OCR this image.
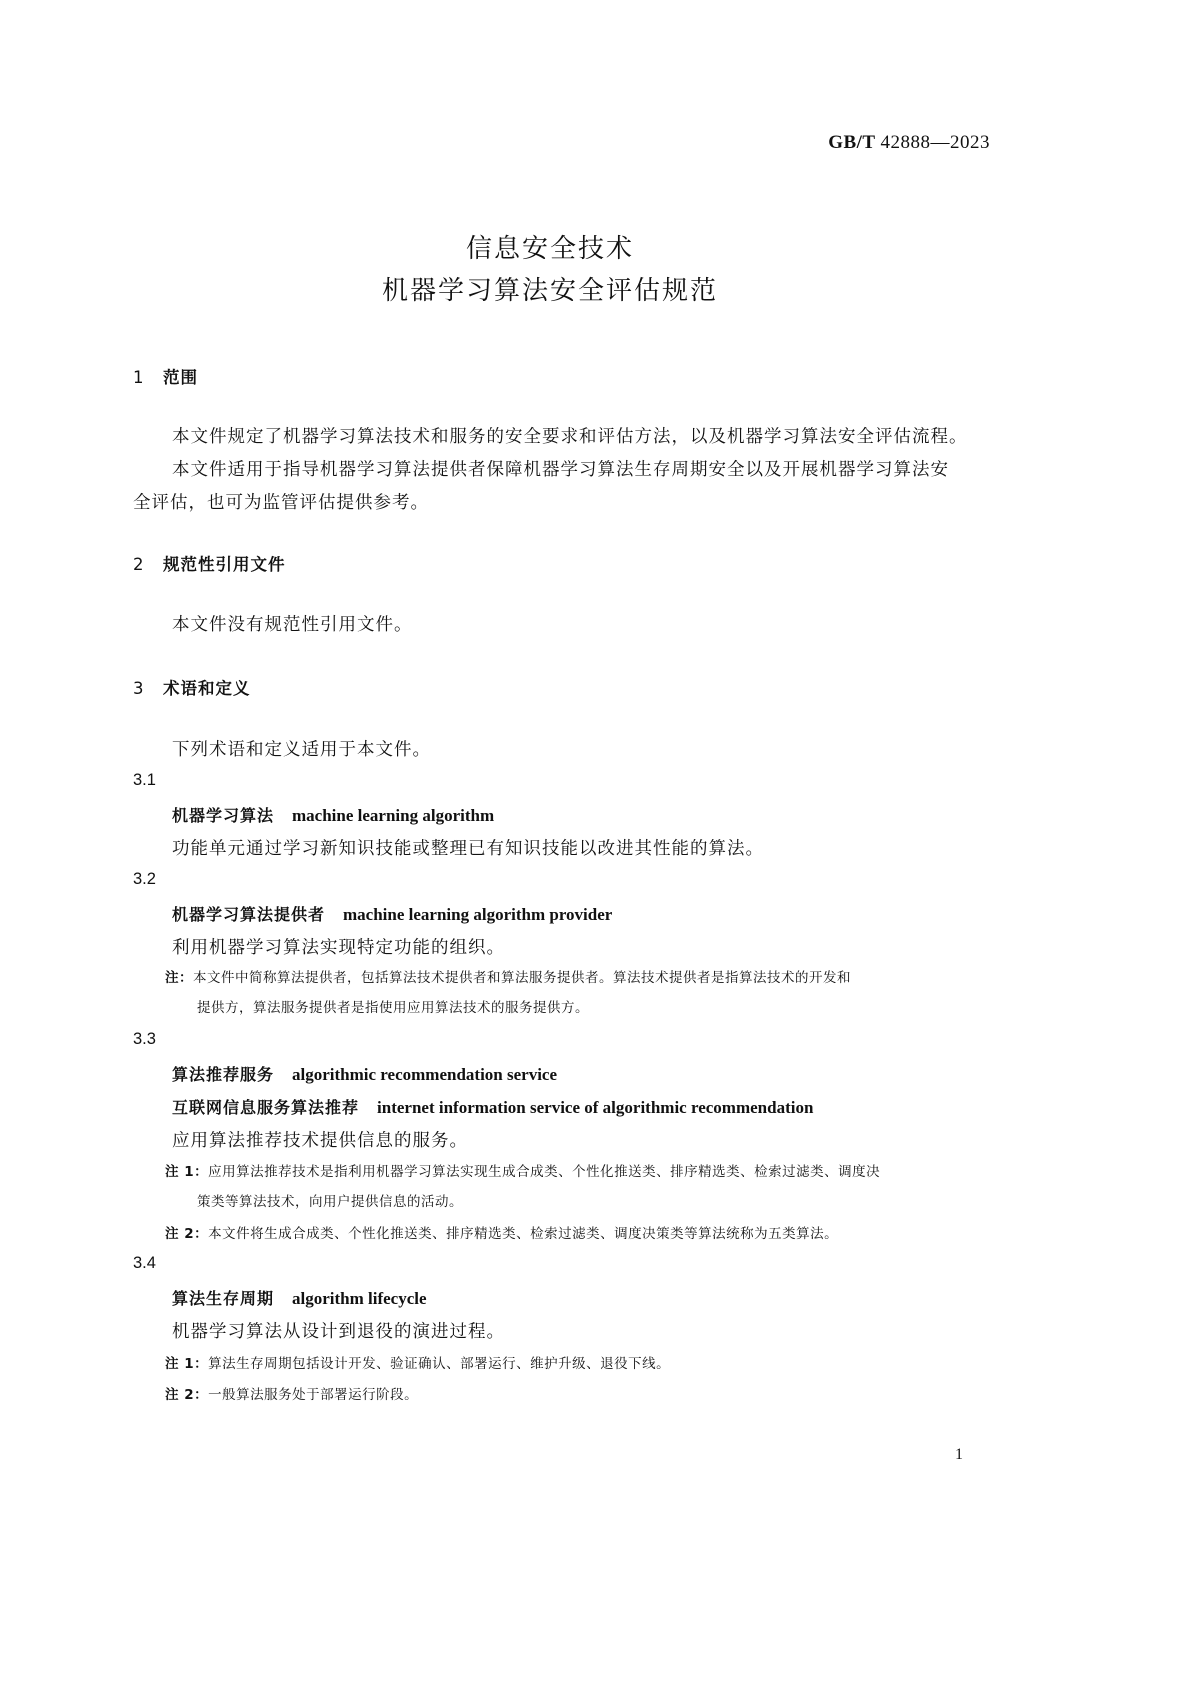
GB/T 42888—2023
信息安全技术
机器学习算法安全评估规范
1 范围
本文件规定了机器学习算法技术和服务的安全要求和评估方法，以及机器学习算法安全评估流程。
本文件适用于指导机器学习算法提供者保障机器学习算法生存周期安全以及开展机器学习算法安
全评估，也可为监管评估提供参考。
2 规范性引用文件
本文件没有规范性引用文件。
3 术语和定义
下列术语和定义适用于本文件。
3.1
机器学习算法 machine learning algorithm
功能单元通过学习新知识技能或整理已有知识技能以改进其性能的算法。
3.2
机器学习算法提供者 machine learning algorithm provider
利用机器学习算法实现特定功能的组织。
注：本文件中简称算法提供者，包括算法技术提供者和算法服务提供者。算法技术提供者是指算法技术的开发和
提供方，算法服务提供者是指使用应用算法技术的服务提供方。
3.3
算法推荐服务 algorithmic recommendation service
互联网信息服务算法推荐 internet information service of algorithmic recommendation
应用算法推荐技术提供信息的服务。
注 1：应用算法推荐技术是指利用机器学习算法实现生成合成类、个性化推送类、排序精选类、检索过滤类、调度决
策类等算法技术，向用户提供信息的活动。
注 2：本文件将生成合成类、个性化推送类、排序精选类、检索过滤类、调度决策类等算法统称为五类算法。
3.4
算法生存周期 algorithm lifecycle
机器学习算法从设计到退役的演进过程。
注 1：算法生存周期包括设计开发、验证确认、部署运行、维护升级、退役下线。
注 2：一般算法服务处于部署运行阶段。
1
